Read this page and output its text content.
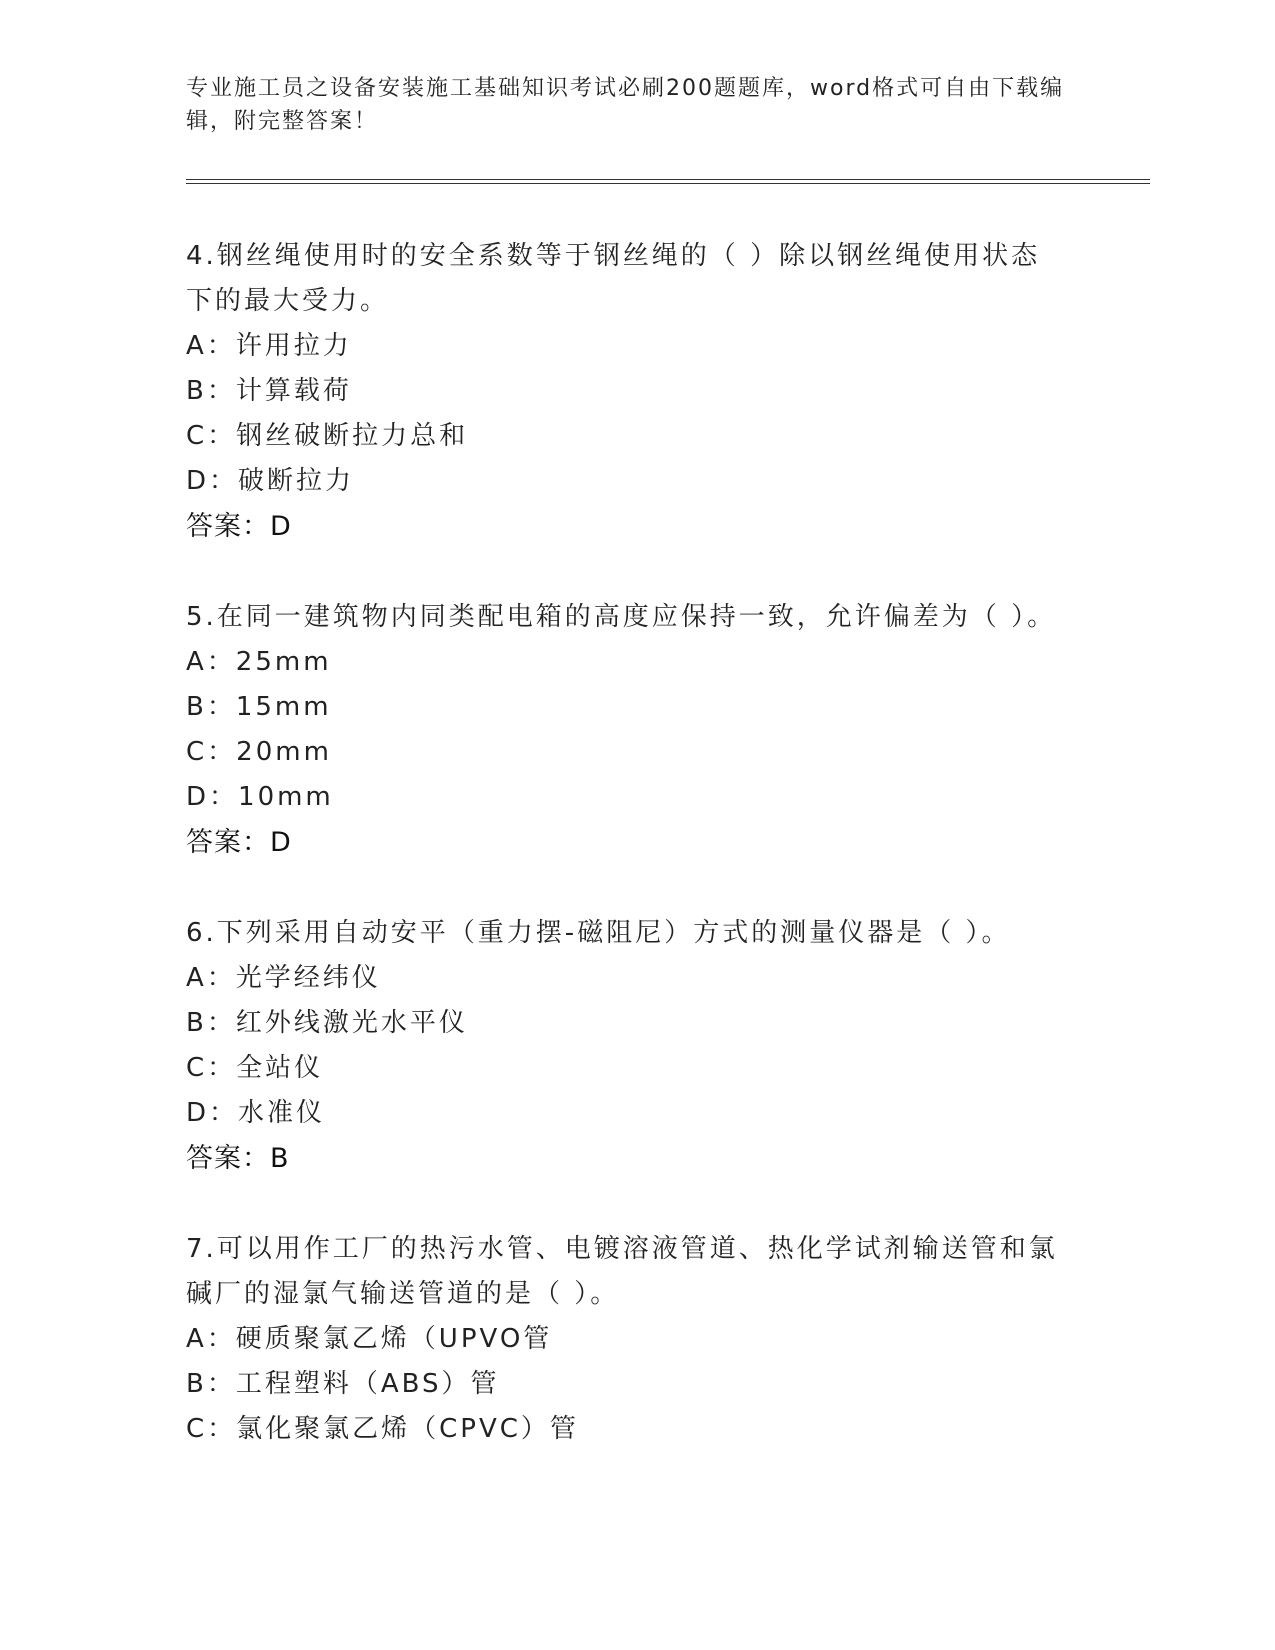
专业施工员之设备安装施工基础知识考试必刷200题题库，word格式可自由下载编辑，附完整答案！
4.钢丝绳使用时的安全系数等于钢丝绳的（ ）除以钢丝绳使用状态下的最大受力。
A：许用拉力
B：计算载荷
C：钢丝破断拉力总和
D：破断拉力
答案：D
5.在同一建筑物内同类配电箱的高度应保持一致，允许偏差为（ ）。
A：25mm
B：15mm
C：20mm
D：10mm
答案：D
6.下列采用自动安平（重力摆-磁阻尼）方式的测量仪器是（ ）。
A：光学经纬仪
B：红外线激光水平仪
C：全站仪
D：水准仪
答案：B
7.可以用作工厂的热污水管、电镀溶液管道、热化学试剂输送管和氯碱厂的湿氯气输送管道的是（ ）。
A：硬质聚氯乙烯（UPVO管
B：工程塑料（ABS）管
C：氯化聚氯乙烯（CPVC）管
